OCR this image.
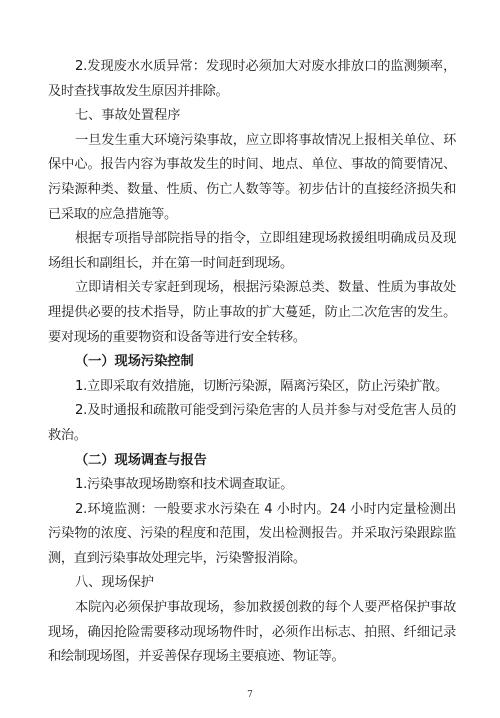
2.发现废水水质异常：发现时必须加大对废水排放口的监测频率，及时查找事故发生原因并排除。

七、事故处置程序

一旦发生重大环境污染事故，应立即将事故情况上报相关单位、环保中心。报告内容为事故发生的时间、地点、单位、事故的简要情况、污染源种类、数量、性质、伤亡人数等等。初步估计的直接经济损失和已采取的应急措施等。

根据专项指导部院指导的指令，立即组建现场救援组明确成员及现场组长和副组长，并在第一时间赶到现场。

立即请相关专家赶到现场，根据污染源总类、数量、性质为事故处理提供必要的技术指导，防止事故的扩大蔓延，防止二次危害的发生。要对现场的重要物资和设备等进行安全转移。

（一）现场污染控制

1.立即采取有效措施，切断污染源，隔离污染区，防止污染扩散。

2.及时通报和疏散可能受到污染危害的人员并参与对受危害人员的救治。

（二）现场调查与报告

1.污染事故现场勘察和技术调查取证。

2.环境监测：一般要求水污染在 4 小时内。24 小时内定量检测出污染物的浓度、污染的程度和范围，发出检测报告。并采取污染跟踪监测，直到污染事故处理完毕，污染警报消除。

八、现场保护

本院內必须保护事故现场，参加救援创救的每个人要严格保护事故现场，确因抢险需要移动现场物件时，必须作出标志、拍照、纤细记录和绘制现场图，并妥善保存现场主要痕迹、物证等。

7
